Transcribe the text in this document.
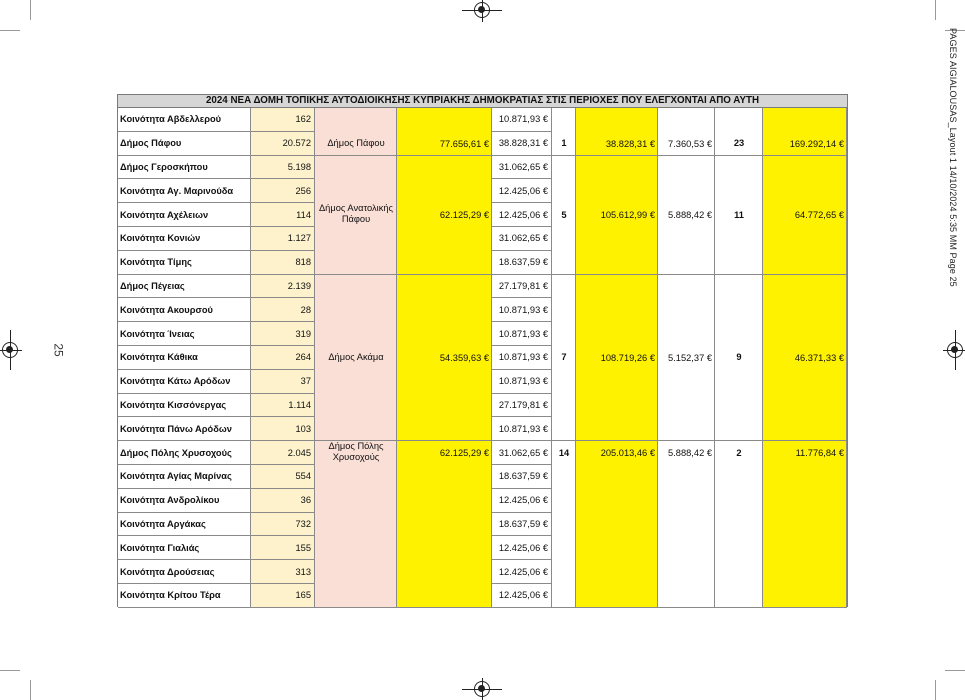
PAGES AIGIALOUSAS_Layout 1 14/10/2024 5:35 ΜΜ Page 25
25
2024 ΝΕΑ ΔΟΜΗ ΤΟΠΙΚΗΣ ΑΥΤΟΔΙΟΙΚΗΣΗΣ ΚΥΠΡΙΑΚΗΣ ΔΗΜΟΚΡΑΤΙΑΣ ΣΤΙΣ ΠΕΡΙΟΧΕΣ ΠΟΥ ΕΛΕΓΧΟΝΤΑΙ ΑΠΟ ΑΥΤΗ
Κοινότητα Αβδελλερού	162	10.871,93 €
Δήμος Πάφου	20.572	38.828,31 €
Δήμος Γεροσκήπου	5.198	31.062,65 €
Κοινότητα Αγ. Μαρινούδα	256	12.425,06 €
Κοινότητα Αχέλειων	114	12.425,06 €
Κοινότητα Κονιών	1.127	31.062,65 €
Κοινότητα Τίμης	818	18.637,59 €
Δήμος Πέγειας	2.139	27.179,81 €
Κοινότητα Ακουρσού	28	10.871,93 €
Κοινότητα Ίνειας	319	10.871,93 €
Κοινότητα Κάθικα	264	10.871,93 €
Κοινότητα Κάτω Αρόδων	37	10.871,93 €
Κοινότητα Κισσόνεργας	1.114	27.179,81 €
Κοινότητα Πάνω Αρόδων	103	10.871,93 €
Δήμος Πόλης Χρυσοχούς	2.045	31.062,65 €
Κοινότητα Αγίας Μαρίνας	554	18.637,59 €
Κοινότητα Ανδρολίκου	36	12.425,06 €
Κοινότητα Αργάκας	732	18.637,59 €
Κοινότητα Γιαλιάς	155	12.425,06 €
Κοινότητα Δρούσειας	313	12.425,06 €
Κοινότητα Κρίτου Τέρα	165	12.425,06 €
Δήμος Πάφου	77.656,61 €	1	38.828,31 €	7.360,53 €	23	169.292,14 €
Δήμος Ανατολικής Πάφου	62.125,29 €	5	105.612,99 €	5.888,42 €	11	64.772,65 €
Δήμος Ακάμα	54.359,63 €	7	108.719,26 €	5.152,37 €	9	46.371,33 €
Δήμος Πόλης Χρυσοχούς	62.125,29 €	14	205.013,46 €	5.888,42 €	2	11.776,84 €
